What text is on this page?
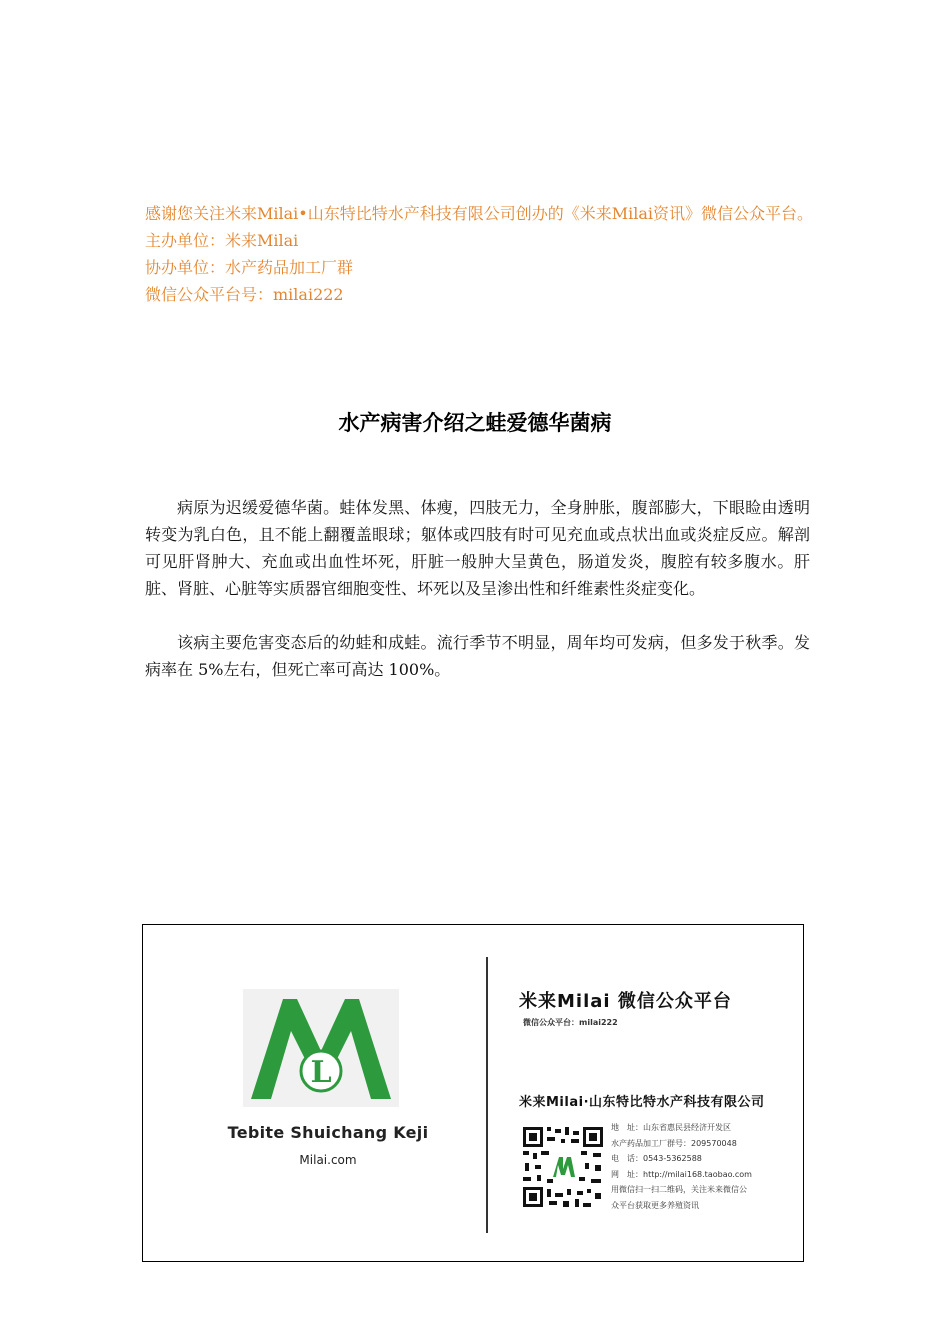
感谢您关注米来Milai•山东特比特水产科技有限公司创办的《米来Milai资讯》微信公众平台。

主办单位：米来Milai

协办单位：水产药品加工厂群

微信公众平台号：milai222

水产病害介绍之蛙爱德华菌病

病原为迟缓爱德华菌。蛙体发黑、体瘦，四肢无力，全身肿胀，腹部膨大，下眼睑由透明转变为乳白色，且不能上翻覆盖眼球；躯体或四肢有时可见充血或点状出血或炎症反应。解剖可见肝肾肿大、充血或出血性坏死，肝脏一般肿大呈黄色，肠道发炎，腹腔有较多腹水。肝脏、肾脏、心脏等实质器官细胞变性、坏死以及呈渗出性和纤维素性炎症变化。

该病主要危害变态后的幼蛙和成蛙。流行季节不明显，周年均可发病，但多发于秋季。发病率在 5%左右，但死亡率可高达 100%。

L
Tebite Shuichang Keji
Milai.com
米来Milai 微信公众平台
微信公众平台：milai222
米来Milai·山东特比特水产科技有限公司
地　址：山东省惠民县经济开发区
水产药品加工厂群号：209570048
电　话：0543-5362588
网　址：http://milai168.taobao.com
用微信扫一扫二维码，关注米来微信公
众平台获取更多养殖资讯
